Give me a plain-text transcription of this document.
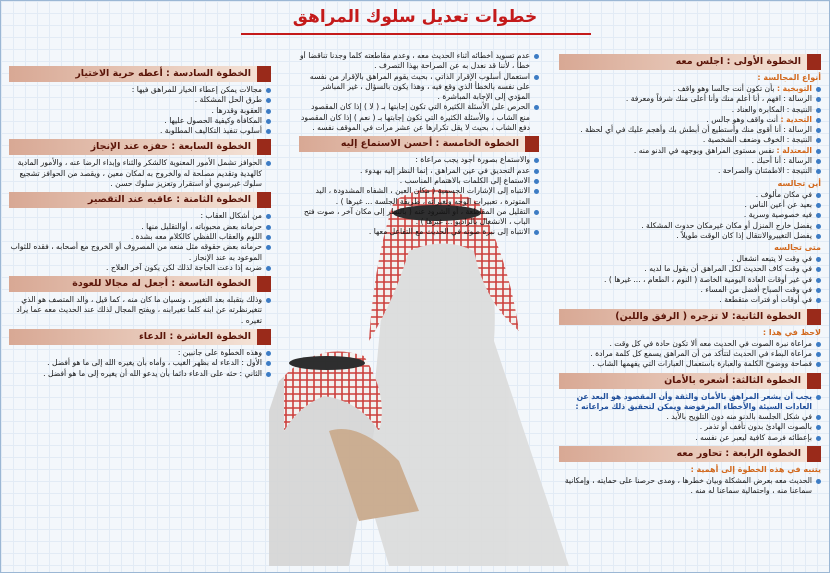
خطوات تعديل سلوك المراهق
الخطوة الأولى : اجلس معه
أنواع المجالسة :
التوبخية : بأن تكون أنت جالسا وهو واقف .
الرسالة : افهم ، أنا أعلم منك وأنا أعلى منك شرفاً ومعرفة .
النتيجة : المكابرة والعناد .
التحدية : أنت واقف وهو جالس .
الرسالة : أنا أقوى منك وأستطيع أن أبطش بك وأهجم عليك في أي لحظة .
النتيجة : الخوف وضعف الشخصية .
المعتدلة : نفس مستوى المراهق وبوجهه في الدنو منه .
الرسالة : أنا أحبك .
النتيجة : الاطمئنان والصراحة .
أين تجالسه
في مكان مألوف .
بعيد عن أعين الناس .
فيه خصوصية وسرية .
يفضل خارج المنزل أو مكان غيرمكان حدوث المشكلة .
يفضل التغييروالانتقال إذا كان الوقت طويلاً .
متى تجالسه
في وقت لا يتبعه انشغال .
في وقت كاف الحديث لكل المراهق أن يقول ما لديه .
في غير أوقات العادة اليومية الخاصة ( النوم ، الطعام ، ... غيرها ) .
في وقت الصباح أفضل من المساء .
في أوقات أو فترات متقطعة .
الخطوة الثانية: لا تزجره ( الرفق واللين)
لاحظ في هذا :
مراعاة نبرة الصوت في الحديث معه ألا تكون حادة في كل وقت .
مراعاة البطء في الحديث لتتأكد من أن المراهق يسمع كل كلمة مرادة .
فصاحة ووضوح الكلمة والعبارة باستعمال العبارات التي يفهمها الشاب .
الخطوة الثالثة: أشعره بالأمان
يجب أن يشعر المراهق بالأمان والثقة وأن المقصود هو البعد عن العادات السيئة والأخطاء المرفوضة ويمكن لتحقيق ذلك مراعاته :
في شكل الجلسة بالدنو منه دون التلويح بالأيد .
بالصوت الهادئ بدون تأفف أو تذمر .
بإعطائه فرصة كافية ليعبر عن نفسه .
الخطوة الرابعة : تحاور معه
يتنبه في هذه الخطوة إلى أهمية :
الحديث معه بعرض المشكلة وبيان خطرها ، ومدى حرصنا على حمايته ، وإمكانية سماعنا منه ، واحتمالية سماعنا له منه .
عدم تسويد أخطائه أثناء الحديث معه ، وعدم مقاطعته كلما وجدنا تناقضا أو خطأ ، لأننا قد نعدل به عن الصراحة بهذا التصرف .
استعمال أسلوب الإقرار الذاتي ، بحيث يقوم المراهق بالإقرار من نفسه على نفسه بالخطأ الذي وقع فيه ، وهذا يكون بالسؤال ، غير المباشر المؤدي إلى الإجابة المباشرة .
الحرص على الأسئلة الكثيرة التي تكون إجابتها بـ ( لا ) إذا كان المقصود منع الشاب ، والأسئلة الكثيرة التي تكون إجابتها بـ ( نعم ) إذا كان المقصود دفع الشاب ، بحيث لا يقل تكرارها عن عشر مرات في الموقف نفسه .
الخطوة الخامسة : أحسن الاستماع إليه
والاستماع بصورة أجود يجب مراعاة :
عدم التحديق في عين المراهق ، إنما النظر إليه بهدوء .
الاستماع إلى الكلمات بالاهتمام المناسب .
الانتباه إلى الإشارات الجسمية ( مكان العين ، الشفاه المشدودة ، اليد المتوترة ، تعبيرات الوجه وتغيراته ، طريقة الجلسة ... غيرها ) .
التقليل من المقاطعة ، أو الشرود عنه ( بالنظر إلى مكان آخر ، صوت فتح الباب ، الانشغال بالراديو ... غيرها ) .
الانتباه إلى نبرة صوته في الحديث مع التفاعل معها .
الخطوة السادسة : أعطه حرية الاختيار
مجالات يمكن إعطاء الخيار للمراهق فيها :
طرق الحل المشكلة .
العقوبة وقدرها .
المكافأة وكيفية الحصول عليها .
أسلوب تنفيذ التكاليف المطلوبة .
الخطوة السابعة : حفزه عند الإنجاز
الحوافز تشمل الأمور المعنوية كالشكر والثناء وإبداء الرضا عنه ، والأمور المادية كالهدية وتقديم مصلحة له والخروج به لمكان معين ، ويقصد من الحوافز تشجيع سلوك غيرسوي أو استقرار وتعزيز سلوك حسن .
الخطوة الثامنة : عاقبه عند التقصير
من أشكال العقاب :
حرمانه بعض محبوباته ، أوالتقليل منها .
اللوم والعقاب اللفظي كالكلام معه بشدة .
حرمانه بعض حقوقه مثل منعه من المصروف أو الخروج مع أصحابه ، فقده للثواب الموعود به عند الإنجاز .
ضربه إذا دعت الحاجة لذلك لكن يكون آخر العلاج .
الخطوة التاسعة : أجعل له مجالا للعودة
وذلك بتقبله بعد التغيير ، ونسيان ما كان منه ، كما قيل ، والد المتصف هو الذي تتغيرنظرته عن ابنه كلما تغيرابنه ، ويفتح المجال لذلك عند الحديث معه عما يراد تغيره .
الخطوة العاشرة : الدعاء
وهذه الخطوة على جانبين :
الأول : الدعاء له بظهر الغيب ، وأماه بأن يغيره الله إلى ما هو أفضل .
الثاني : حثه على الدعاء دائما بأن يدعو الله أن يغيره إلى ما هو أفضل .
